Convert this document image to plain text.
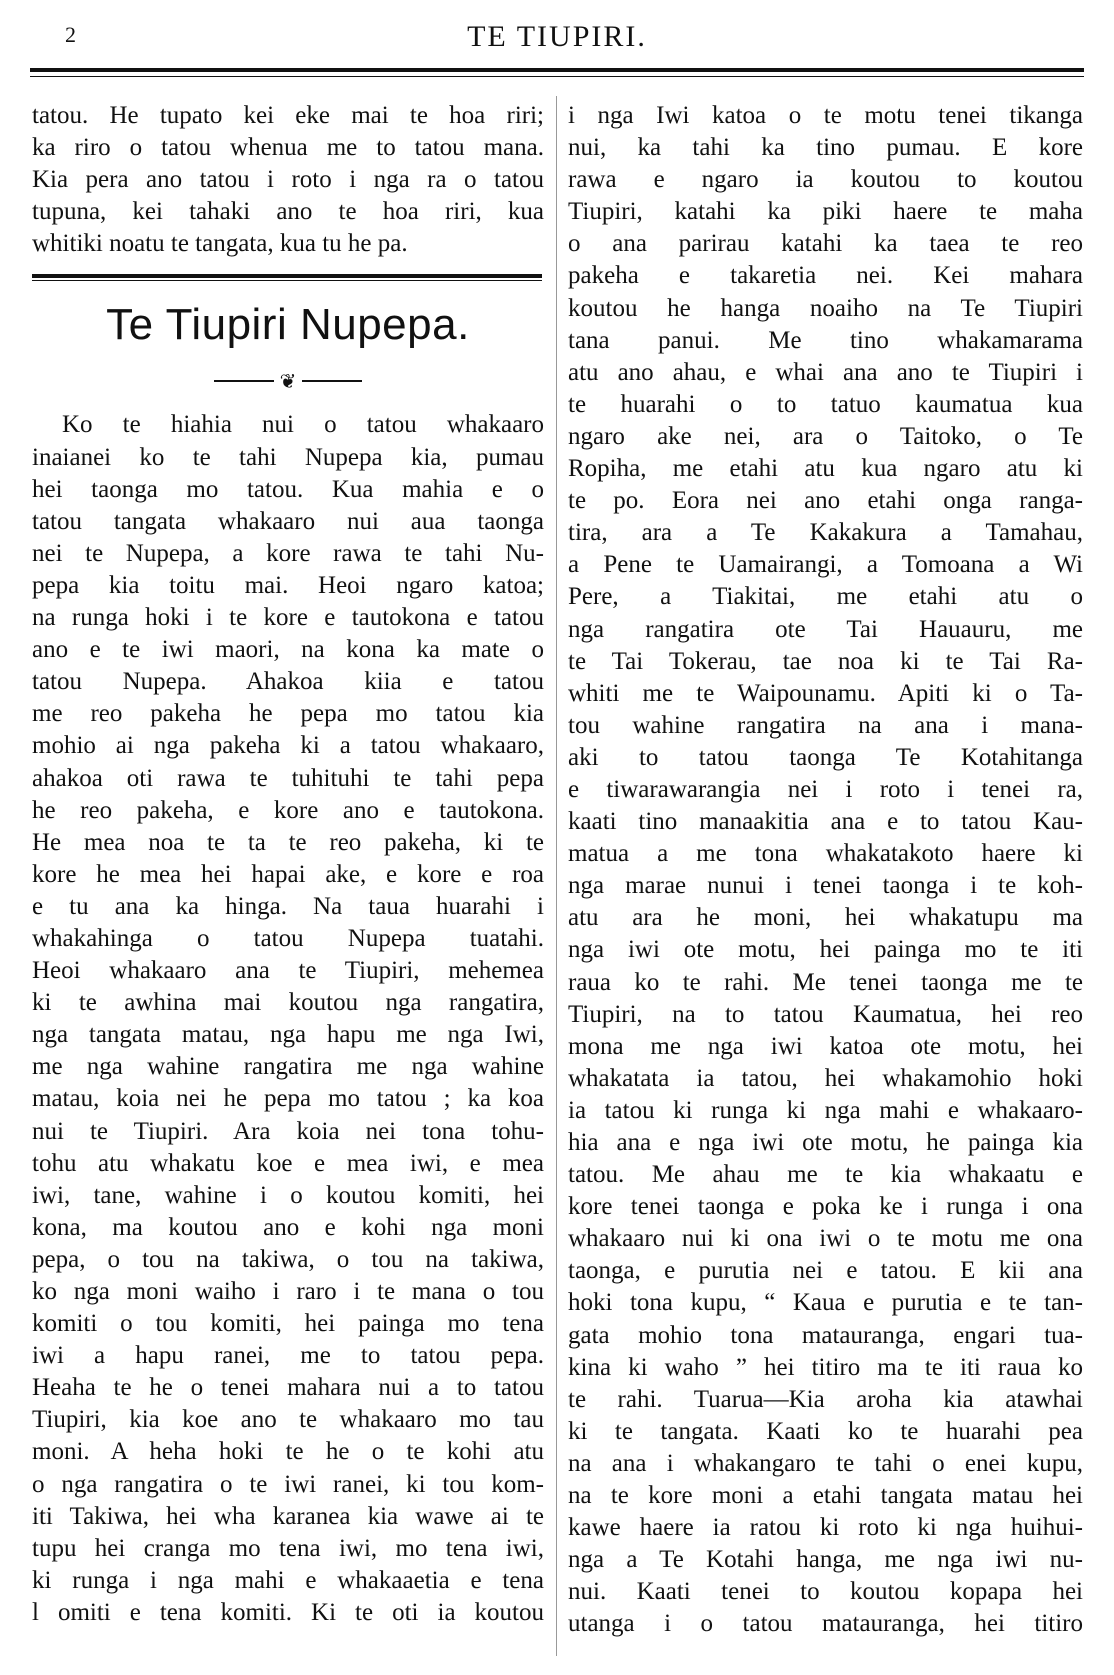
2	TE TIUPIRI.
tatou. He tupato kei eke mai te hoa riri;
ka riro o tatou whenua me to tatou mana.
Kia pera ano tatou i roto i nga ra o tatou
tupuna, kei tahaki ano te hoa riri, kua
whitiki noatu te tangata, kua tu he pa.
Te Tiupiri Nupepa.
❦
Ko te hiahia nui o tatou whakaaro
inaianei ko te tahi Nupepa kia, pumau
hei taonga mo tatou. Kua mahia e o
tatou tangata whakaaro nui aua taonga
nei te Nupepa, a kore rawa te tahi Nu-
pepa kia toitu mai. Heoi ngaro katoa;
na runga hoki i te kore e tautokona e tatou
ano e te iwi maori, na kona ka mate o
tatou Nupepa. Ahakoa kiia e tatou
me reo pakeha he pepa mo tatou kia
mohio ai nga pakeha ki a tatou whakaaro,
ahakoa oti rawa te tuhituhi te tahi pepa
he reo pakeha, e kore ano e tautokona.
He mea noa te ta te reo pakeha, ki te
kore he mea hei hapai ake, e kore e roa
e tu ana ka hinga. Na taua huarahi i
whakahinga o tatou Nupepa tuatahi.
Heoi whakaaro ana te Tiupiri, mehemea
ki te awhina mai koutou nga rangatira,
nga tangata matau, nga hapu me nga Iwi,
me nga wahine rangatira me nga wahine
matau, koia nei he pepa mo tatou ; ka koa
nui te Tiupiri. Ara koia nei tona tohu-
tohu atu whakatu koe e mea iwi, e mea
iwi, tane, wahine i o koutou komiti, hei
kona, ma koutou ano e kohi nga moni
pepa, o tou na takiwa, o tou na takiwa,
ko nga moni waiho i raro i te mana o tou
komiti o tou komiti, hei painga mo tena
iwi a hapu ranei, me to tatou pepa.
Heaha te he o tenei mahara nui a to tatou
Tiupiri, kia koe ano te whakaaro mo tau
moni. A heha hoki te he o te kohi atu
o nga rangatira o te iwi ranei, ki tou kom-
iti Takiwa, hei wha karanea kia wawe ai te
tupu hei cranga mo tena iwi, mo tena iwi,
ki runga i nga mahi e whakaaetia e tena
l omiti e tena komiti. Ki te oti ia koutou
i nga Iwi katoa o te motu tenei tikanga
nui, ka tahi ka tino pumau. E kore
rawa e ngaro ia koutou to koutou
Tiupiri, katahi ka piki haere te maha
o ana parirau katahi ka taea te reo
pakeha e takaretia nei. Kei mahara
koutou he hanga noaiho na Te Tiupiri
tana panui. Me tino whakamarama
atu ano ahau, e whai ana ano te Tiupiri i
te huarahi o to tatuo kaumatua kua
ngaro ake nei, ara o Taitoko, o Te
Ropiha, me etahi atu kua ngaro atu ki
te po. Eora nei ano etahi onga ranga-
tira, ara a Te Kakakura a Tamahau,
a Pene te Uamairangi, a Tomoana a Wi
Pere, a Tiakitai, me etahi atu o
nga rangatira ote Tai Hauauru, me
te Tai Tokerau, tae noa ki te Tai Ra-
whiti me te Waipounamu. Apiti ki o Ta-
tou wahine rangatira na ana i mana-
aki to tatou taonga Te Kotahitanga
e tiwarawarangia nei i roto i tenei ra,
kaati tino manaakitia ana e to tatou Kau-
matua a me tona whakatakoto haere ki
nga marae nunui i tenei taonga i te koh-
atu ara he moni, hei whakatupu ma
nga iwi ote motu, hei painga mo te iti
raua ko te rahi. Me tenei taonga me te
Tiupiri, na to tatou Kaumatua, hei reo
mona me nga iwi katoa ote motu, hei
whakatata ia tatou, hei whakamohio hoki
ia tatou ki runga ki nga mahi e whakaaro-
hia ana e nga iwi ote motu, he painga kia
tatou. Me ahau me te kia whakaatu e
kore tenei taonga e poka ke i runga i ona
whakaaro nui ki ona iwi o te motu me ona
taonga, e purutia nei e tatou. E kii ana
hoki tona kupu, “ Kaua e purutia e te tan-
gata mohio tona matauranga, engari tua-
kina ki waho ” hei titiro ma te iti raua ko
te rahi. Tuarua—Kia aroha kia atawhai
ki te tangata. Kaati ko te huarahi pea
na ana i whakangaro te tahi o enei kupu,
na te kore moni a etahi tangata matau hei
kawe haere ia ratou ki roto ki nga huihui-
nga a Te Kotahi hanga, me nga iwi nu-
nui. Kaati tenei to koutou kopapa hei
utanga i o tatou matauranga, hei titiro
